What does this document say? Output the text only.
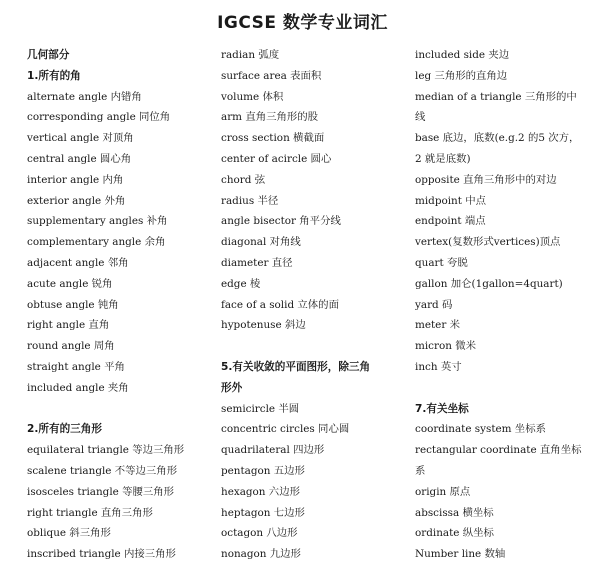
IGCSE 数学专业词汇
几何部分
1.所有的角
alternate angle 内错角
corresponding angle 同位角
vertical angle 对顶角
central angle 圆心角
interior angle 内角
exterior angle 外角
supplementary angles 补角
complementary angle 余角
adjacent angle 邻角
acute angle 锐角
obtuse angle 钝角
right angle 直角
round angle 周角
straight angle 平角
included angle 夹角
2.所有的三角形
equilateral triangle 等边三角形
scalene triangle 不等边三角形
isosceles triangle 等腰三角形
right triangle 直角三角形
oblique 斜三角形
inscribed triangle 内接三角形
radian 弧度
surface area 表面积
volume 体积
arm 直角三角形的股
cross section 横截面
center of acircle 圆心
chord 弦
radius 半径
angle bisector 角平分线
diagonal 对角线
diameter 直径
edge 棱
face of a solid 立体的面
hypotenuse 斜边
5.有关收敛的平面图形，除三角
形外
semicircle 半圆
concentric circles 同心圆
quadrilateral 四边形
pentagon 五边形
hexagon 六边形
heptagon 七边形
octagon 八边形
nonagon 九边形
included side 夹边
leg 三角形的直角边
median of a triangle 三角形的中
线
base 底边，底数(e.g.2 的5 次方，
2 就是底数)
opposite 直角三角形中的对边
midpoint 中点
endpoint 端点
vertex(复数形式vertices)顶点
quart 夸脱
gallon 加仑(1gallon=4quart)
yard 码
meter 米
micron 微米
inch 英寸
7.有关坐标
coordinate system 坐标系
rectangular coordinate 直角坐标
系
origin 原点
abscissa 横坐标
ordinate 纵坐标
Number line 数轴
